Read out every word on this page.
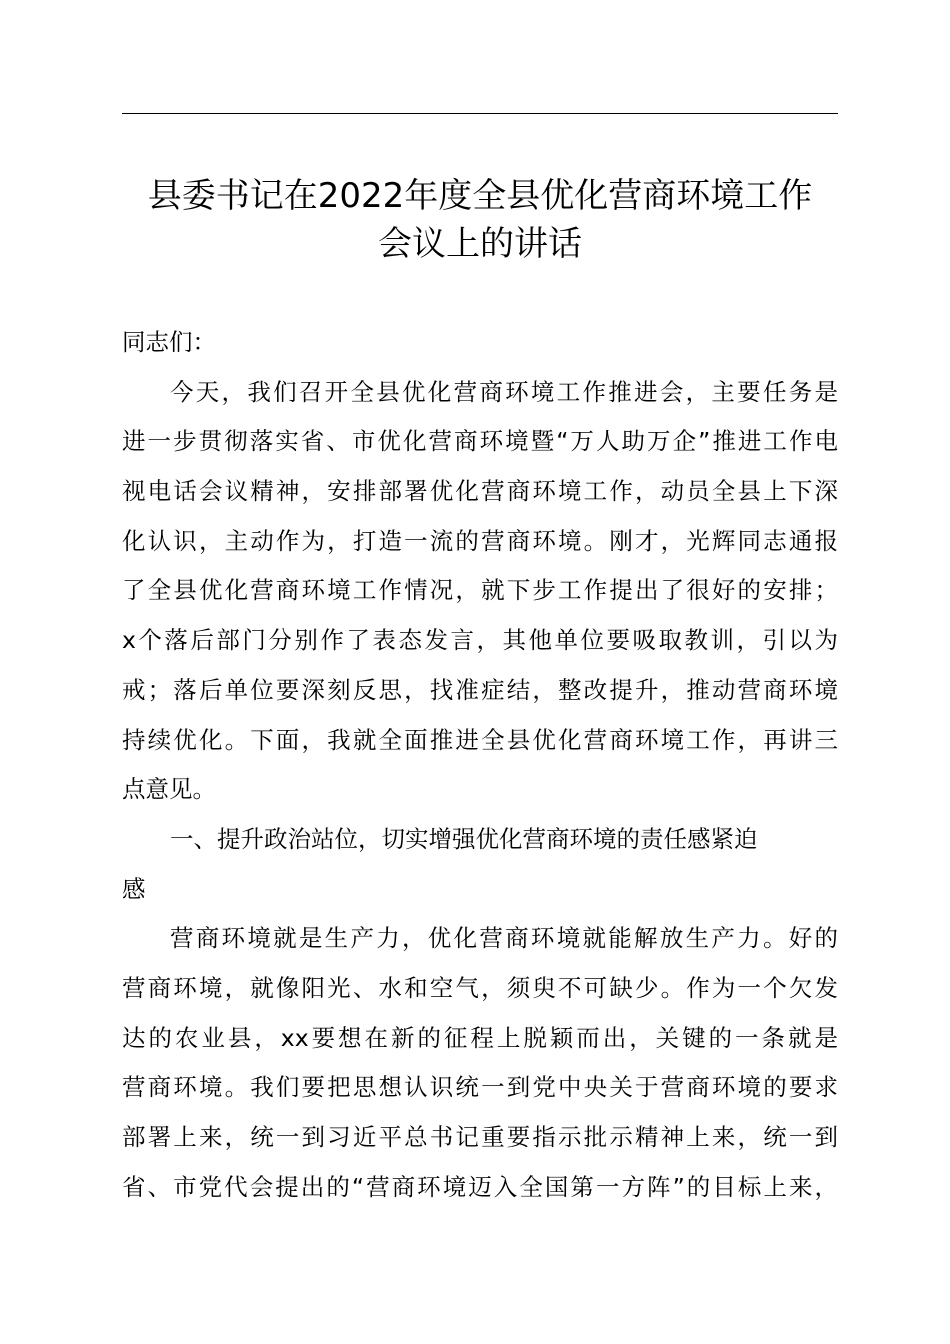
县委书记在2022年度全县优化营商环境工作
会议上的讲话
同志们：
今天，我们召开全县优化营商环境工作推进会，主要任务是
进一步贯彻落实省、市优化营商环境暨“万人助万企”推进工作电
视电话会议精神，安排部署优化营商环境工作，动员全县上下深
化认识，主动作为，打造一流的营商环境。刚才，光辉同志通报
了全县优化营商环境工作情况，就下步工作提出了很好的安排；
x个落后部门分别作了表态发言，其他单位要吸取教训，引以为
戒；落后单位要深刻反思，找准症结，整改提升，推动营商环境
持续优化。下面，我就全面推进全县优化营商环境工作，再讲三
点意见。
一、提升政治站位，切实增强优化营商环境的责任感紧迫
感
营商环境就是生产力，优化营商环境就能解放生产力。好的
营商环境，就像阳光、水和空气，须臾不可缺少。作为一个欠发
达的农业县，xx要想在新的征程上脱颖而出，关键的一条就是
营商环境。我们要把思想认识统一到党中央关于营商环境的要求
部署上来，统一到习近平总书记重要指示批示精神上来，统一到
省、市党代会提出的“营商环境迈入全国第一方阵”的目标上来，
